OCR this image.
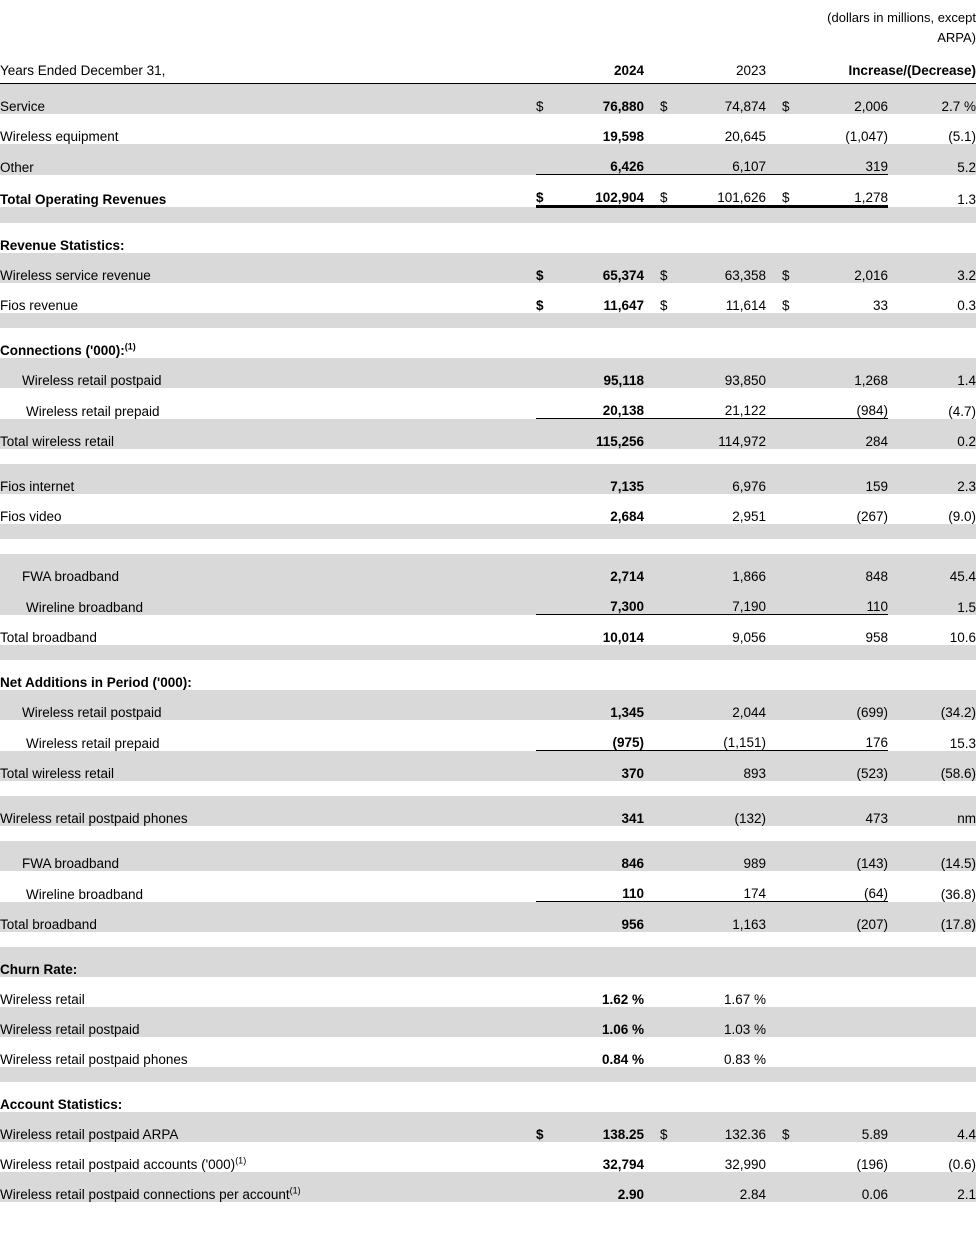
(dollars in millions, except
ARPA)
Years Ended December 31,		2024			2023		Increase/(Decrease)			
Service	$	76,880		$	74,874		$	2,006		2.7 %
Wireless equipment		19,598			20,645			(1,047)		(5.1)
Other		6,426			6,107			319		5.2
Total Operating Revenues	$	102,904		$	101,626		$	1,278		1.3

Revenue Statistics:										
Wireless service revenue	$	65,374		$	63,358		$	2,016		3.2
Fios revenue	$	11,647		$	11,614		$	33		0.3

Connections ('000):$^{(1)}$	
Wireless retail postpaid		95,118			93,850			1,268		1.4
Wireless retail prepaid		20,138			21,122			(984)		(4.7)
Total wireless retail		115,256			114,972			284		0.2

Fios internet		7,135			6,976			159		2.3
Fios video		2,684			2,951			(267)		(9.0)

FWA broadband		2,714			1,866			848		45.4
Wireline broadband		7,300			7,190			110		1.5
Total broadband		10,014			9,056			958		10.6

Net Additions in Period ('000):										
Wireless retail postpaid		1,345			2,044			(699)		(34.2)
Wireless retail prepaid		(975)			(1,151)			176		15.3
Total wireless retail		370			893			(523)		(58.6)

Wireless retail postpaid phones		341			(132)			473		nm

FWA broadband		846			989			(143)		(14.5)
Wireline broadband		110			174			(64)		(36.8)
Total broadband		956			1,163			(207)		(17.8)

Churn Rate:										
Wireless retail		1.62 %			1.67 %					
Wireless retail postpaid		1.06 %			1.03 %					
Wireless retail postpaid phones		0.84 %			0.83 %					

Account Statistics:										
Wireless retail postpaid ARPA	$	138.25		$	132.36		$	5.89		4.4
Wireless retail postpaid accounts $('000)^{(1)}$		32,794			32,990			(196)		(0.6)
Wireless retail postpaid connections per account$^{(1)}$		2.90			2.84			0.06		2.1
